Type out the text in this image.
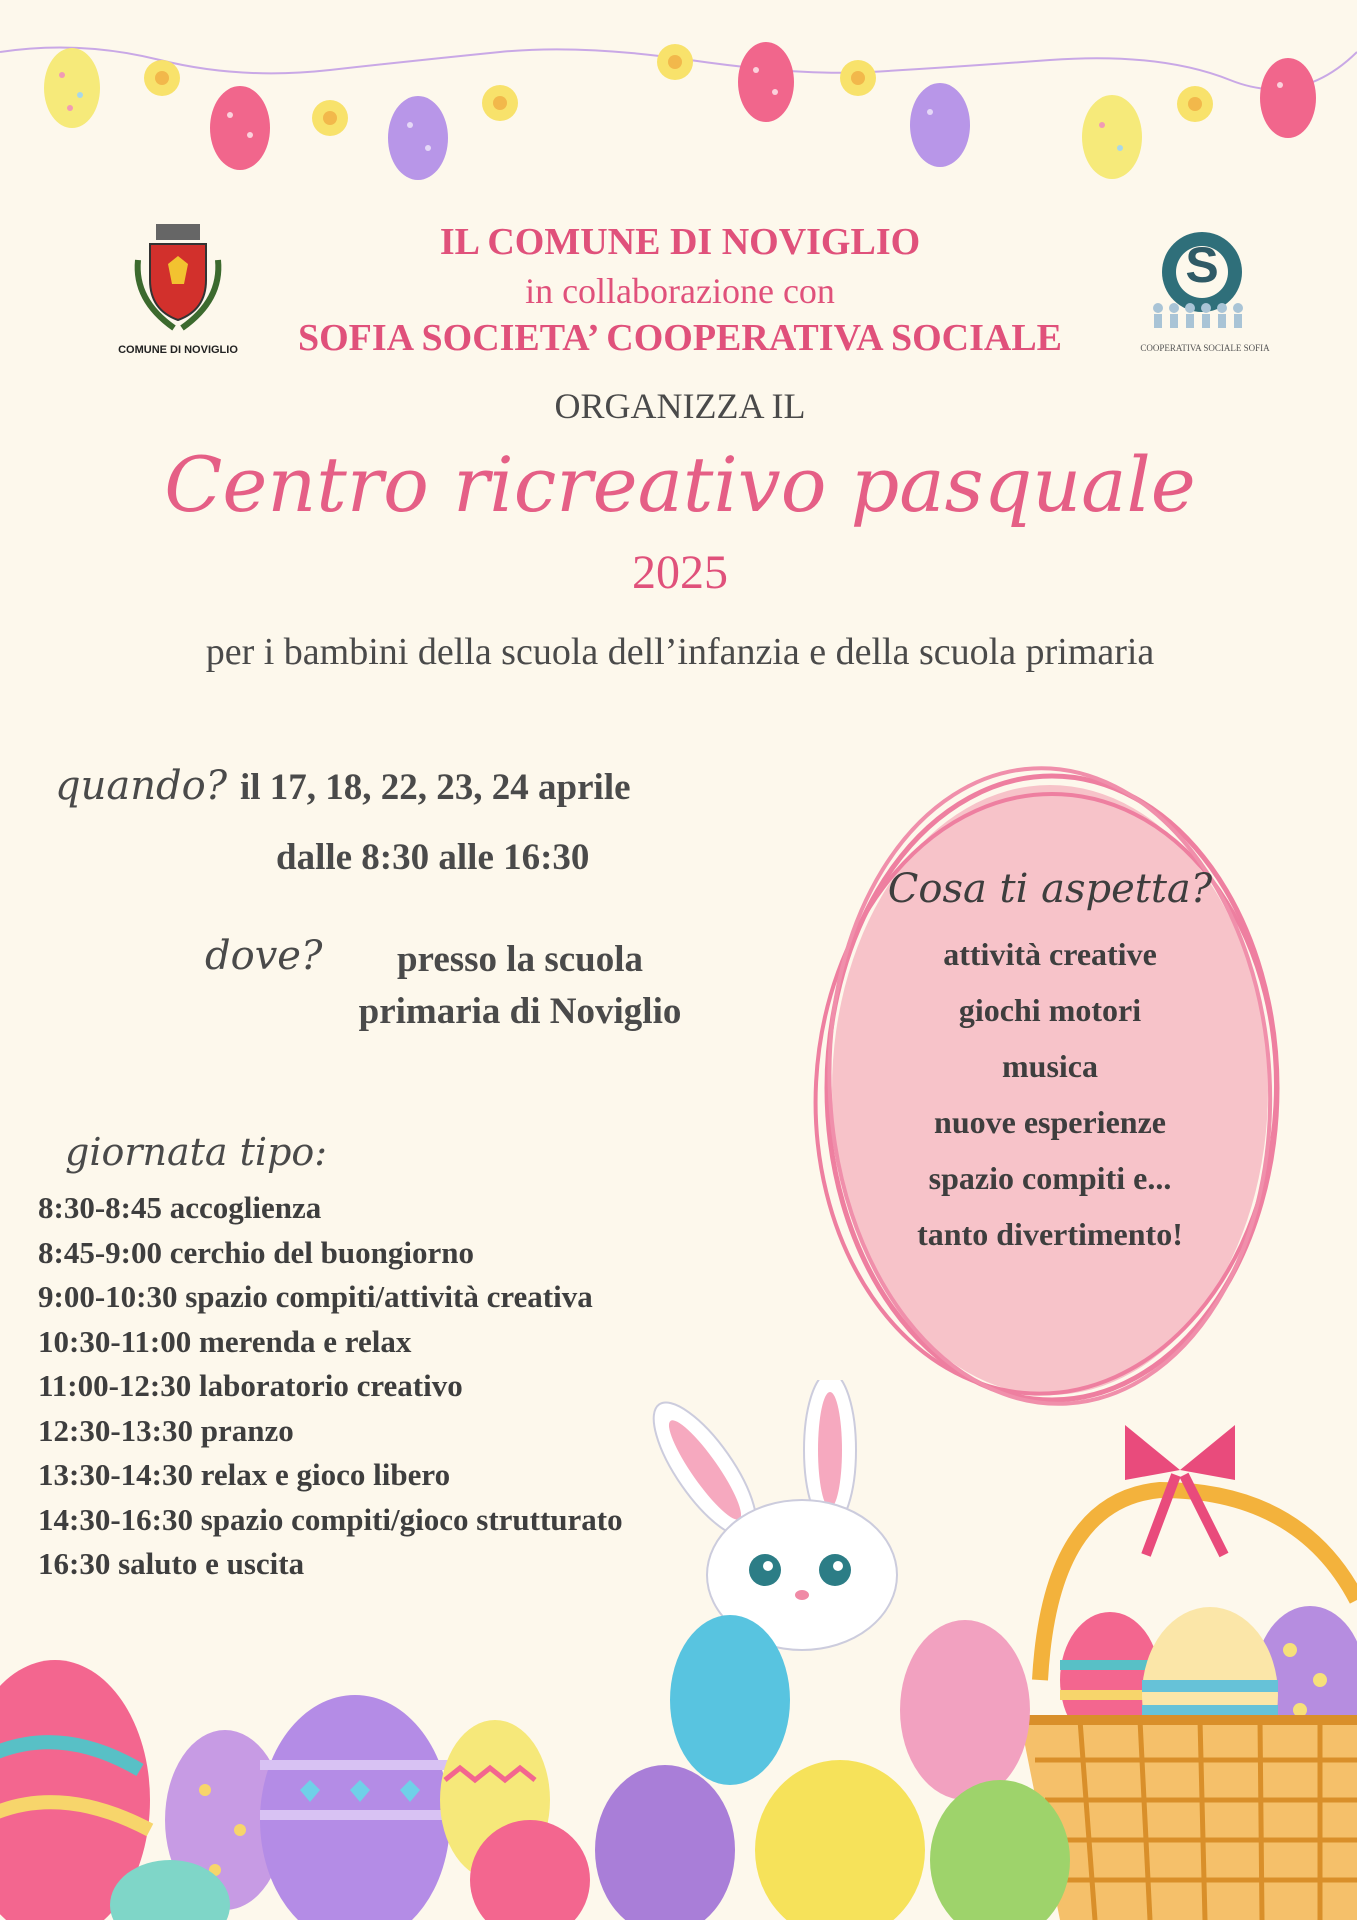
COMUNE DI NOVIGLIO
S
COOPERATIVA SOCIALE SOFIA
IL COMUNE DI NOVIGLIO
in collaborazione con
SOFIA SOCIETA’ COOPERATIVA SOCIALE
ORGANIZZA IL
Centro ricreativo pasquale
2025
per i bambini della scuola dell’infanzia e della scuola primaria
quando? il 17, 18, 22, 23, 24 aprile
dalle 8:30 alle 16:30
dove?	presso la scuola
primaria di Noviglio
Cosa ti aspetta?
attività creative
giochi motori
musica
nuove esperienze
spazio compiti e...
tanto divertimento!
giornata tipo:
8:30-8:45 accoglienza
8:45-9:00 cerchio del buongiorno
9:00-10:30 spazio compiti/attività creativa
10:30-11:00 merenda e relax
11:00-12:30 laboratorio creativo
12:30-13:30 pranzo
13:30-14:30 relax e gioco libero
14:30-16:30 spazio compiti/gioco strutturato
16:30 saluto e uscita
